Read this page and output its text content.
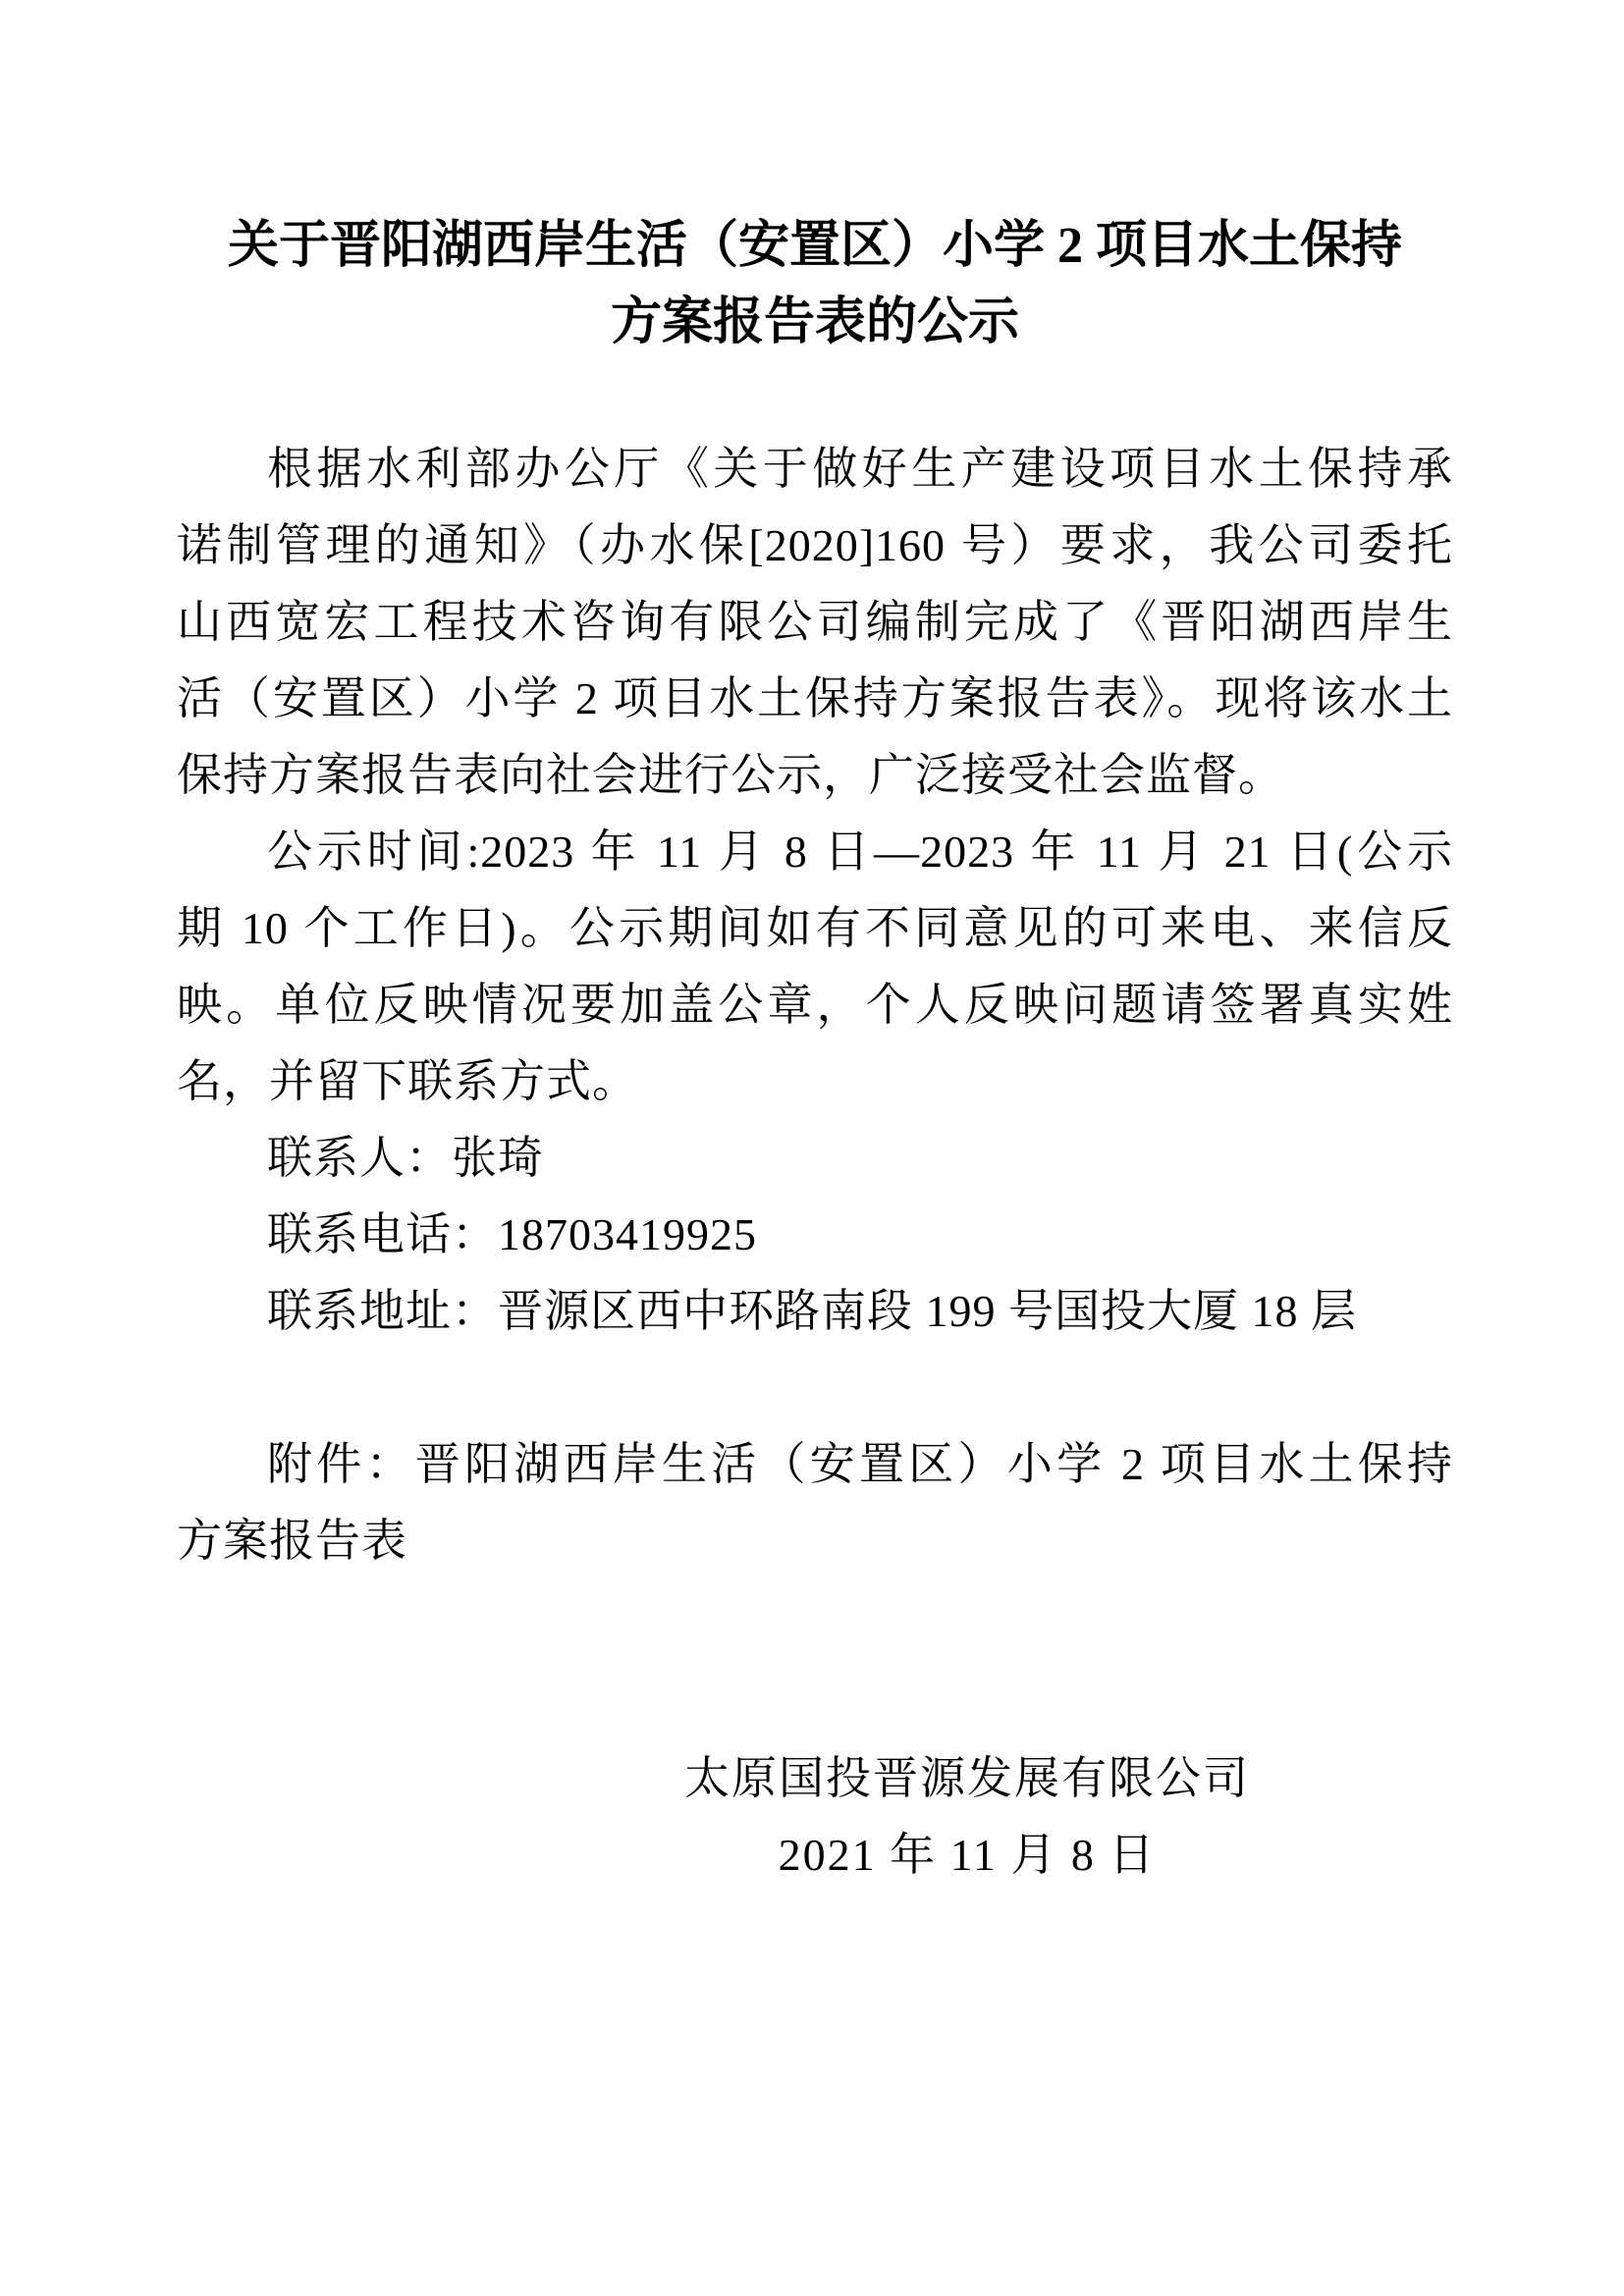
关于晋阳湖西岸生活（安置区）小学 2 项目水土保持
方案报告表的公示
根据水利部办公厅《关于做好生产建设项目水土保持承
诺制管理的通知》（办水保[2020]160 号）要求，我公司委托
山西宽宏工程技术咨询有限公司编制完成了《晋阳湖西岸生
活（安置区）小学 2 项目水土保持方案报告表》。现将该水土
保持方案报告表向社会进行公示，广泛接受社会监督。
公示时间:2023 年 11 月 8 日—2023 年 11 月 21 日(公示
期 10 个工作日)。公示期间如有不同意见的可来电、来信反
映。单位反映情况要加盖公章，个人反映问题请签署真实姓
名，并留下联系方式。
联系人：张琦
联系电话：18703419925
联系地址：晋源区西中环路南段 199 号国投大厦 18 层
附件：晋阳湖西岸生活（安置区）小学 2 项目水土保持
方案报告表
太原国投晋源发展有限公司
2021 年 11 月 8 日
